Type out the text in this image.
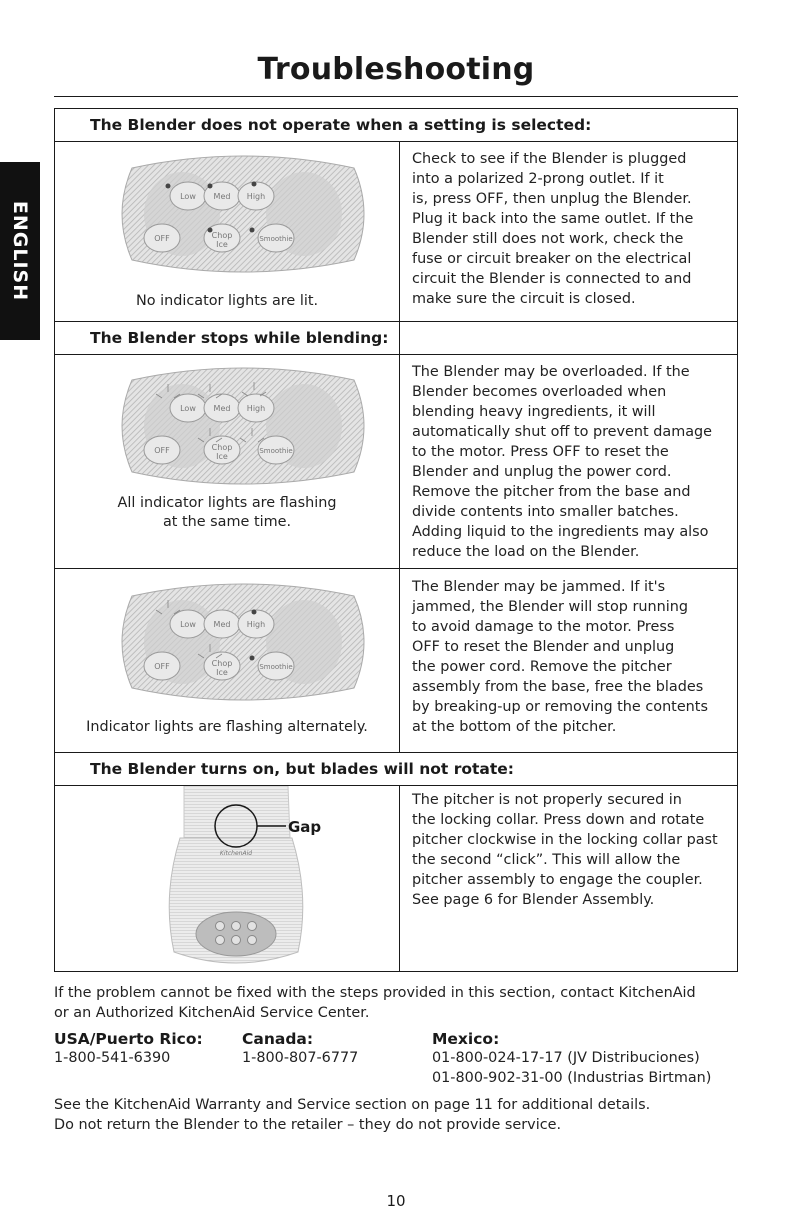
Troubleshooting
ENGLISH
The Blender does not operate when a setting is selected:
Low Med High
OFF	Chop
Ice
Smoothie
No indicator lights are lit.
Check to see if the Blender is plugged
into a polarized 2-prong outlet. If it
is, press OFF, then unplug the Blender.
Plug it back into the same outlet. If the
Blender still does not work, check the
fuse or circuit breaker on the electrical
circuit the Blender is connected to and
make sure the circuit is closed.
The Blender stops while blending:
Low Med High
OFF	Chop
Ice
Smoothie
All indicator lights are flashing
at the same time.
The Blender may be overloaded. If the
Blender becomes overloaded when
blending heavy ingredients, it will
automatically shut off to prevent damage
to the motor. Press OFF to reset the
Blender and unplug the power cord.
Remove the pitcher from the base and
divide contents into smaller batches.
Adding liquid to the ingredients may also
reduce the load on the Blender.
Low Med High
OFF	Chop
Ice
Smoothie
Indicator lights are flashing alternately.
The Blender may be jammed. If it's
jammed, the Blender will stop running
to avoid damage to the motor. Press
OFF to reset the Blender and unplug
the power cord. Remove the pitcher
assembly from the base, free the blades
by breaking-up or removing the contents
at the bottom of the pitcher.
The Blender turns on, but blades will not rotate:
KitchenAid
Gap
The pitcher is not properly secured in
the locking collar. Press down and rotate
pitcher clockwise in the locking collar past
the second “click”. This will allow the
pitcher assembly to engage the coupler.
See page 6 for Blender Assembly.
If the problem cannot be fixed with the steps provided in this section, contact KitchenAid
or an Authorized KitchenAid Service Center.
USA/Puerto Rico:
1-800-541-6390
Canada:
1-800-807-6777
Mexico:
01-800-024-17-17 (JV Distribuciones)
01-800-902-31-00 (Industrias Birtman)
See the KitchenAid Warranty and Service section on page 11 for additional details.
Do not return the Blender to the retailer – they do not provide service.
10
